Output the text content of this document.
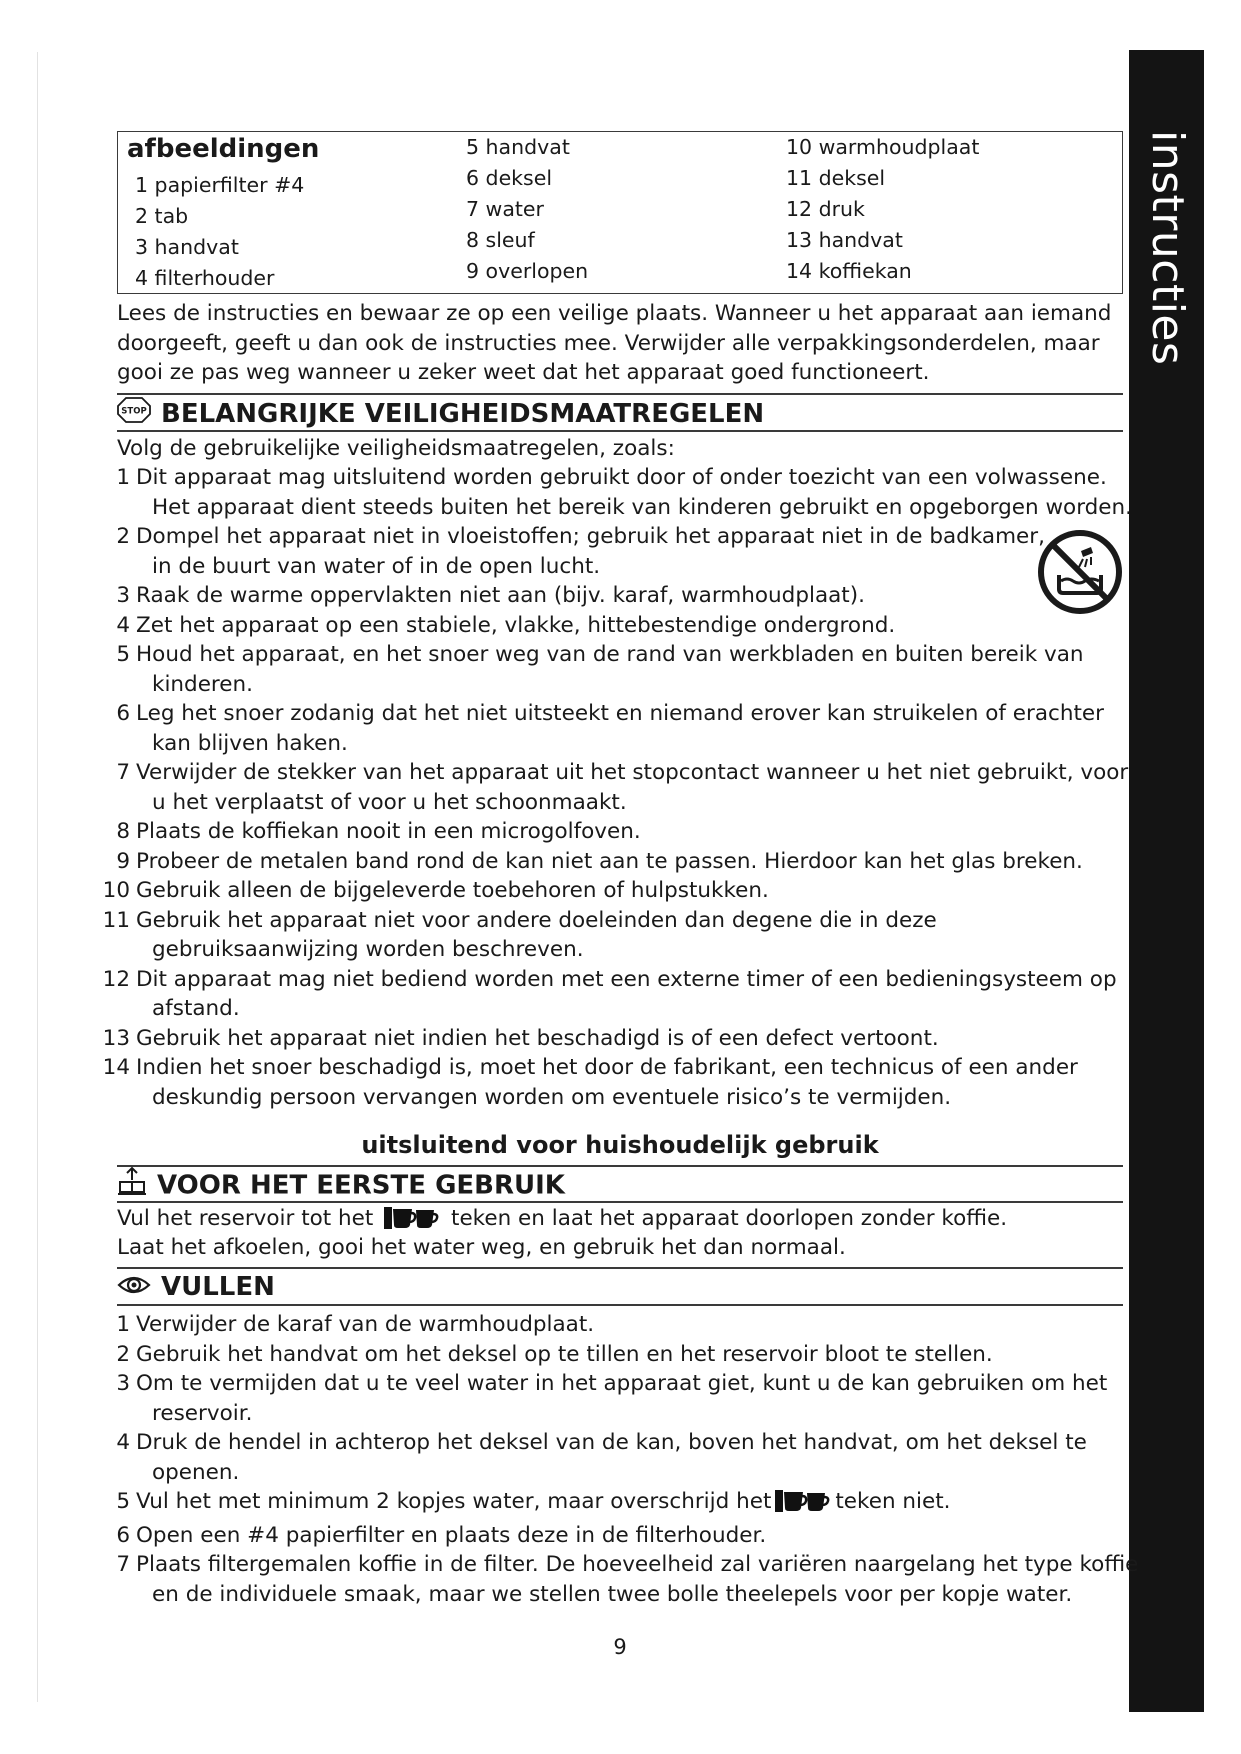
instructies
afbeeldingen
1 papierfilter #4
2 tab
3 handvat
4 filterhouder
5 handvat
6 deksel
7 water
8 sleuf
9 overlopen
10 warmhoudplaat
11 deksel
12 druk
13 handvat
14 koffiekan
Lees de instructies en bewaar ze op een veilige plaats. Wanneer u het apparaat aan iemand doorgeeft, geeft u dan ook de instructies mee. Verwijder alle verpakkingsonderdelen, maar gooi ze pas weg wanneer u zeker weet dat het apparaat goed functioneert.
STOP BELANGRIJKE VEILIGHEIDSMAATREGELEN
Volg de gebruikelijke veiligheidsmaatregelen, zoals:
1 Dit apparaat mag uitsluitend worden gebruikt door of onder toezicht van een volwassene.
Het apparaat dient steeds buiten het bereik van kinderen gebruikt en opgeborgen worden.
2 Dompel het apparaat niet in vloeistoffen; gebruik het apparaat niet in de badkamer,
in de buurt van water of in de open lucht.
3 Raak de warme oppervlakten niet aan (bijv. karaf, warmhoudplaat).
4 Zet het apparaat op een stabiele, vlakke, hittebestendige ondergrond.
5 Houd het apparaat, en het snoer weg van de rand van werkbladen en buiten bereik van
kinderen.
6 Leg het snoer zodanig dat het niet uitsteekt en niemand erover kan struikelen of erachter
kan blijven haken.
7 Verwijder de stekker van het apparaat uit het stopcontact wanneer u het niet gebruikt, voor
u het verplaatst of voor u het schoonmaakt.
8 Plaats de koffiekan nooit in een microgolfoven.
9 Probeer de metalen band rond de kan niet aan te passen. Hierdoor kan het glas breken.
10 Gebruik alleen de bijgeleverde toebehoren of hulpstukken.
11 Gebruik het apparaat niet voor andere doeleinden dan degene die in deze
gebruiksaanwijzing worden beschreven.
12 Dit apparaat mag niet bediend worden met een externe timer of een bedieningsysteem op
afstand.
13 Gebruik het apparaat niet indien het beschadigd is of een defect vertoont.
14 Indien het snoer beschadigd is, moet het door de fabrikant, een technicus of een ander
deskundig persoon vervangen worden om eventuele risico’s te vermijden.
uitsluitend voor huishoudelijk gebruik
VOOR HET EERSTE GEBRUIK
Vul het reservoir tot het	teken en laat het apparaat doorlopen zonder koffie.
Laat het afkoelen, gooi het water weg, en gebruik het dan normaal.
VULLEN
1 Verwijder de karaf van de warmhoudplaat.
2 Gebruik het handvat om het deksel op te tillen en het reservoir bloot te stellen.
3 Om te vermijden dat u te veel water in het apparaat giet, kunt u de kan gebruiken om het
reservoir.
4 Druk de hendel in achterop het deksel van de kan, boven het handvat, om het deksel te
openen.
5 Vul het met minimum 2 kopjes water, maar overschrijd het	teken niet.
6 Open een #4 papierfilter en plaats deze in de filterhouder.
7 Plaats filtergemalen koffie in de filter. De hoeveelheid zal variëren naargelang het type koffie
en de individuele smaak, maar we stellen twee bolle theelepels voor per kopje water.
9
